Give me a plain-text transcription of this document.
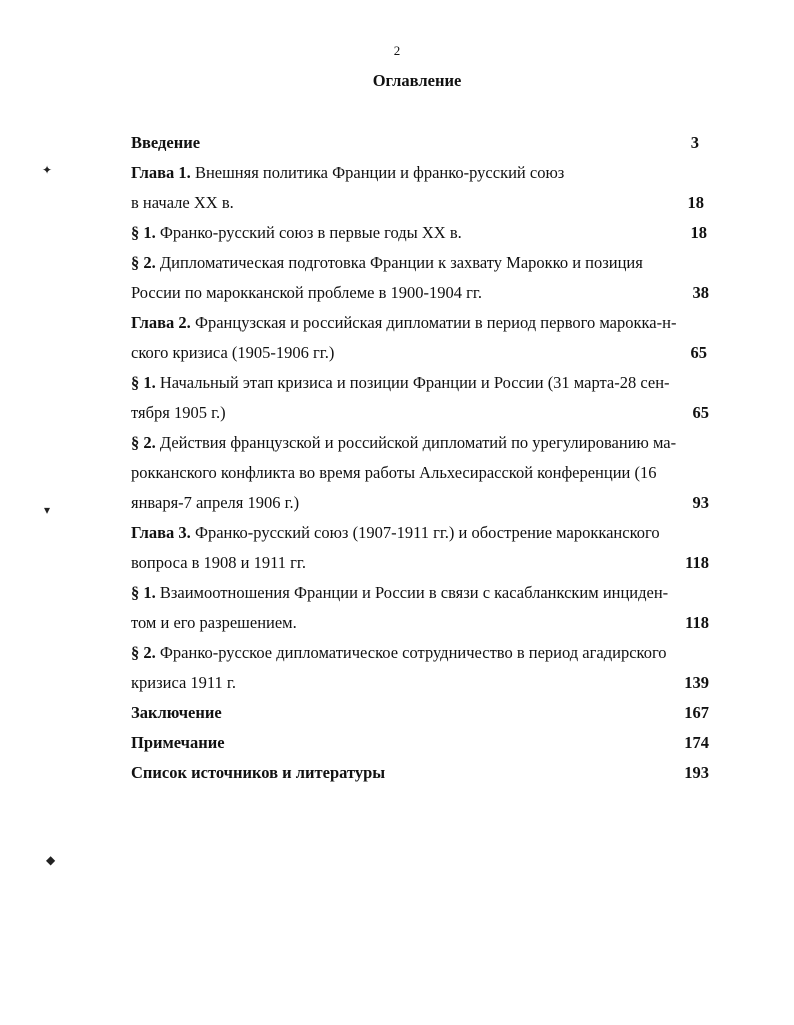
2
Оглавление
✦
▾
◆
Введение	3
Глава 1. Внешняя политика Франции и франко-русский союз
в начале XX в.	18
§ 1. Франко-русский союз в первые годы XX в.	18
§ 2. Дипломатическая подготовка Франции к захвату Марокко и позиция
России по марокканской проблеме в 1900-1904 гг.	38
Глава 2. Французская и российская дипломатии в период первого марокка-н-
ского кризиса (1905-1906 гг.)	65
§ 1. Начальный этап кризиса и позиции Франции и России (31 марта-28 сен-
тября 1905 г.)	65
§ 2. Действия французской и российской дипломатий по урегулированию ма-
рокканского конфликта во время работы Альхесирасской конференции (16
января-7 апреля 1906 г.)	93
Глава 3. Франко-русский союз (1907-1911 гг.) и обострение марокканского
вопроса в 1908 и 1911 гг.	118
§ 1. Взаимоотношения Франции и России в связи с касабланкским инциден-
том и его разрешением.	118
§ 2. Франко-русское дипломатическое сотрудничество в период агадирского
кризиса 1911 г.	139
Заключение	167
Примечание	174
Список источников и литературы	193
